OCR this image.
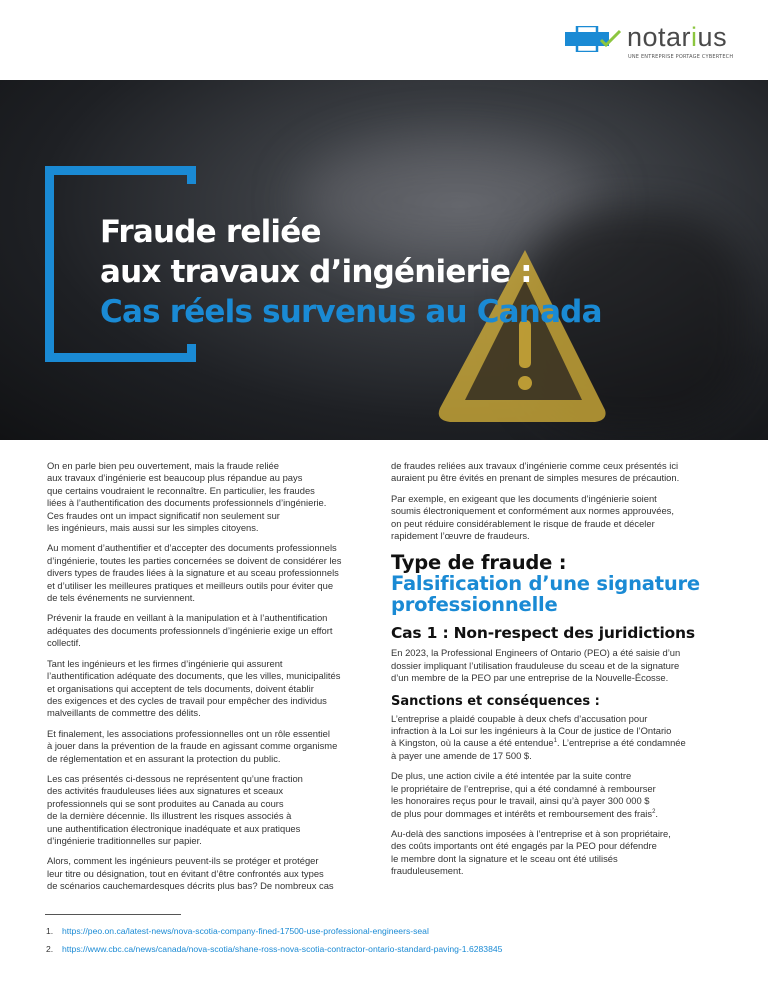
notarius
UNE ENTREPRISE PORTAGE CYBERTECH
Fraude reliée
aux travaux d’ingénierie :
Cas réels survenus au Canada

On en parle bien peu ouvertement, mais la fraude reliée
aux travaux d’ingénierie est beaucoup plus répandue au pays
que certains voudraient le reconnaître. En particulier, les fraudes
liées à l’authentification des documents professionnels d’ingénierie.
Ces fraudes ont un impact significatif non seulement sur
les ingénieurs, mais aussi sur les simples citoyens.

Au moment d’authentifier et d’accepter des documents professionnels
d’ingénierie, toutes les parties concernées se doivent de considérer les
divers types de fraudes liées à la signature et au sceau professionnels
et d’utiliser les meilleures pratiques et meilleurs outils pour éviter que
de tels événements ne surviennent.

Prévenir la fraude en veillant à la manipulation et à l’authentification
adéquates des documents professionnels d’ingénierie exige un effort
collectif.

Tant les ingénieurs et les firmes d’ingénierie qui assurent
l’authentification adéquate des documents, que les villes, municipalités
et organisations qui acceptent de tels documents, doivent établir
des exigences et des cycles de travail pour empêcher des individus
malveillants de commettre des délits.

Et finalement, les associations professionnelles ont un rôle essentiel
à jouer dans la prévention de la fraude en agissant comme organisme
de réglementation et en assurant la protection du public.

Les cas présentés ci-dessous ne représentent qu’une fraction
des activités frauduleuses liées aux signatures et sceaux
professionnels qui se sont produites au Canada au cours
de la dernière décennie. Ils illustrent les risques associés à
une authentification électronique inadéquate et aux pratiques
d’ingénierie traditionnelles sur papier.

Alors, comment les ingénieurs peuvent-ils se protéger et protéger
leur titre ou désignation, tout en évitant d’être confrontés aux types
de scénarios cauchemardesques décrits plus bas? De nombreux cas

de fraudes reliées aux travaux d’ingénierie comme ceux présentés ici
auraient pu être évités en prenant de simples mesures de précaution.

Par exemple, en exigeant que les documents d’ingénierie soient
soumis électroniquement et conformément aux normes approuvées,
on peut réduire considérablement le risque de fraude et déceler
rapidement l’œuvre de fraudeurs.

Type de fraude :
Falsification d’une signature
professionnelle
Cas 1 : Non-respect des juridictions

En 2023, la Professional Engineers of Ontario (PEO) a été saisie d’un
dossier impliquant l’utilisation frauduleuse du sceau et de la signature
d’un membre de la PEO par une entreprise de la Nouvelle-Écosse.

Sanctions et conséquences :

L’entreprise a plaidé coupable à deux chefs d’accusation pour
infraction à la Loi sur les ingénieurs à la Cour de justice de l’Ontario
à Kingston, où la cause a été entendue$^1$. L’entreprise a été condamnée
à payer une amende de 17 500 $.

De plus, une action civile a été intentée par la suite contre
le propriétaire de l’entreprise, qui a été condamné à rembourser
les honoraires reçus pour le travail, ainsi qu’à payer 300 000 $
de plus pour dommages et intérêts et remboursement des frais$^2$.

Au-delà des sanctions imposées à l’entreprise et à son propriétaire,
des coûts importants ont été engagés par la PEO pour défendre
le membre dont la signature et le sceau ont été utilisés
frauduleusement.

1. https://peo.on.ca/latest-news/nova-scotia-company-fined-17500-use-professional-engineers-seal
2. https://www.cbc.ca/news/canada/nova-scotia/shane-ross-nova-scotia-contractor-ontario-standard-paving-1.6283845
